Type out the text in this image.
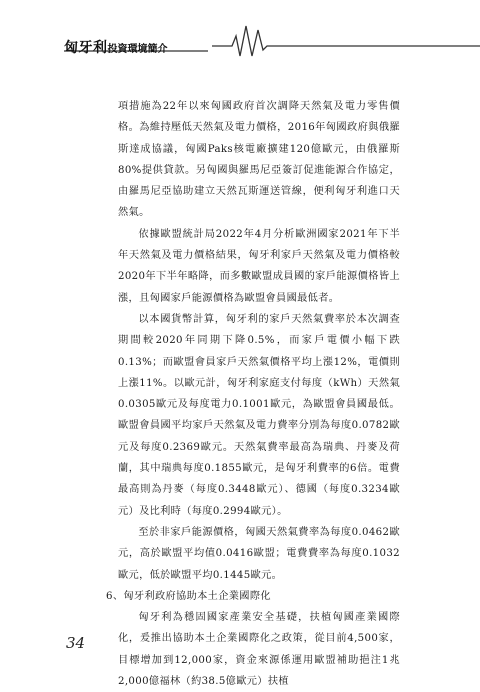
匈牙利投資環境簡介

項措施為22年以來匈國政府首次調降天然氣及電力零售價格。為維持壓低天然氣及電力價格，2016年匈國政府與俄羅斯達成協議，匈國Paks核電廠擴建120億歐元，由俄羅斯80%提供貸款。另匈國與羅馬尼亞簽訂促進能源合作協定，由羅馬尼亞協助建立天然瓦斯運送管線，便利匈牙利進口天然氣。

依據歐盟統計局2022年4月分析歐洲國家2021年下半年天然氣及電力價格結果，匈牙利家戶天然氣及電力價格較2020年下半年略降，而多數歐盟成員國的家戶能源價格皆上漲，且匈國家戶能源價格為歐盟會員國最低者。

以本國貨幣計算，匈牙利的家戶天然氣費率於本次調查期間較2020年同期下降0.5%，而家戶電價小幅下跌0.13%；而歐盟會員家戶天然氣價格平均上漲12%，電價則上漲11%。以歐元計，匈牙利家庭支付每度（kWh）天然氣0.0305歐元及每度電力0.1001歐元，為歐盟會員國最低。歐盟會員國平均家戶天然氣及電力費率分別為每度0.0782歐元及每度0.2369歐元。天然氣費率最高為瑞典、丹麥及荷蘭，其中瑞典每度0.1855歐元，是匈牙利費率的6倍。電費最高則為丹麥（每度0.3448歐元）、德國（每度0.3234歐元）及比利時（每度0.2994歐元）。

至於非家戶能源價格，匈國天然氣費率為每度0.0462歐元，高於歐盟平均值0.0416歐盟；電費費率為每度0.1032歐元，低於歐盟平均0.1445歐元。

6、匈牙利政府協助本土企業國際化

匈牙利為穩固國家產業安全基礎，扶植匈國產業國際化，爰推出協助本土企業國際化之政策，從目前4,500家，目標增加到12,000家，資金來源係運用歐盟補助挹注1兆2,000億福林（約38.5億歐元）扶植

34
